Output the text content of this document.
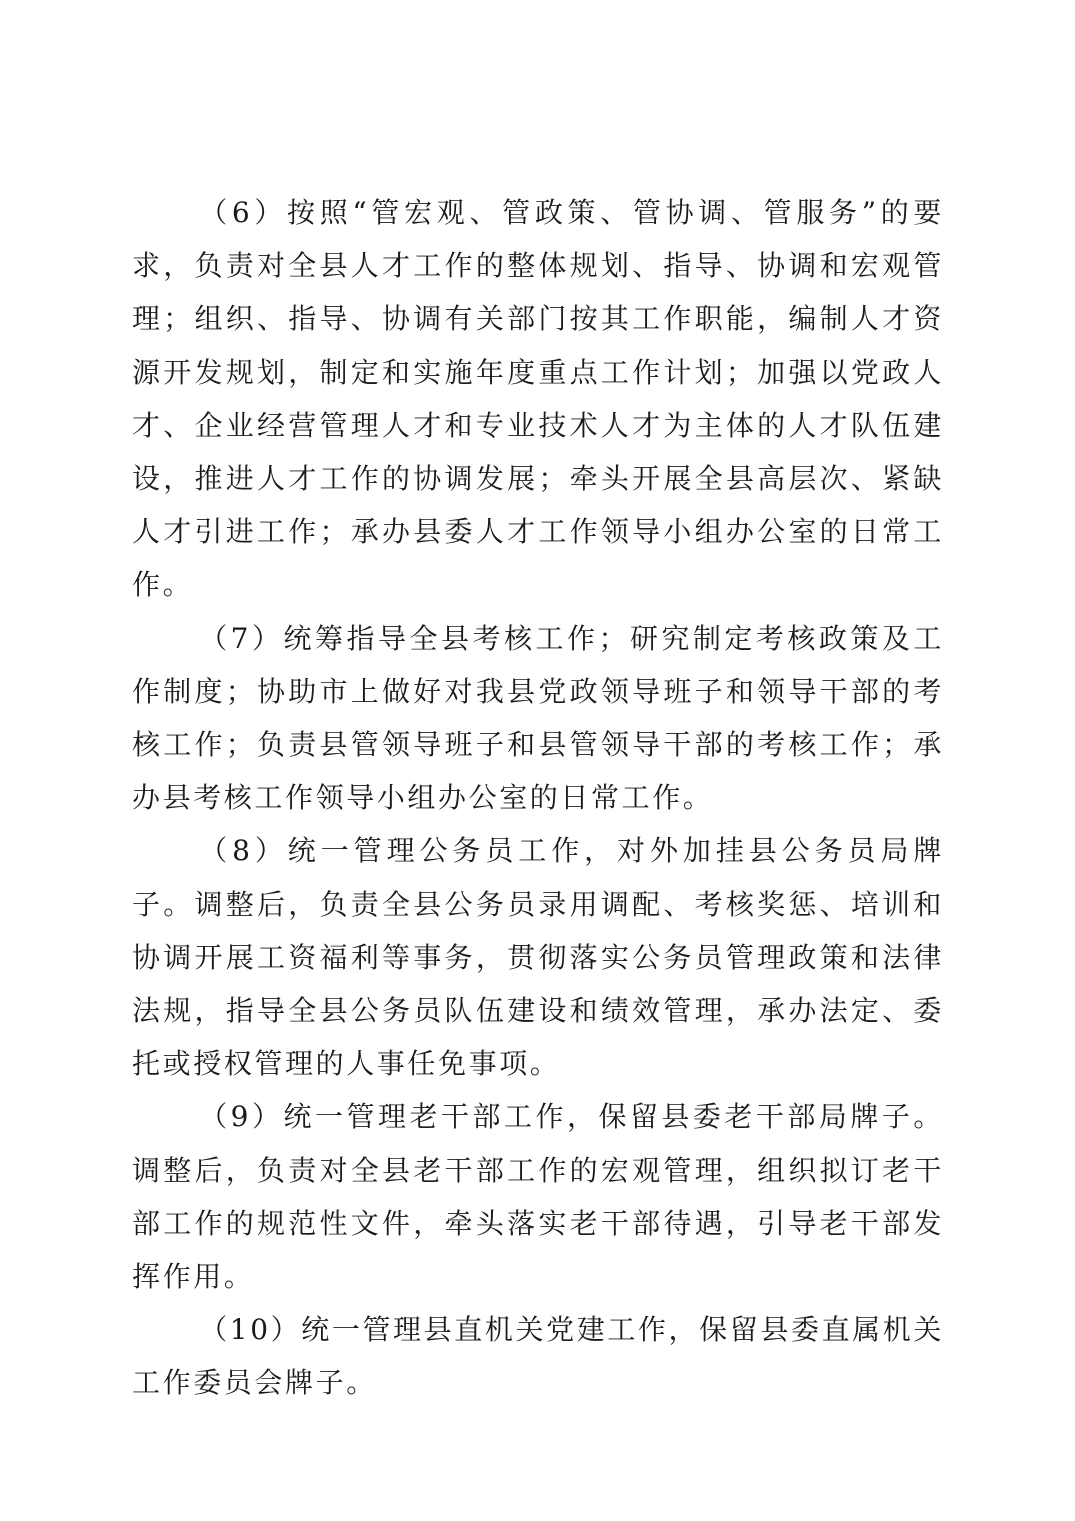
（6）按照“管宏观、管政策、管协调、管服务”的要求，负责对全县人才工作的整体规划、指导、协调和宏观管理；组织、指导、协调有关部门按其工作职能，编制人才资源开发规划，制定和实施年度重点工作计划；加强以党政人才、企业经营管理人才和专业技术人才为主体的人才队伍建设，推进人才工作的协调发展；牵头开展全县高层次、紧缺人才引进工作；承办县委人才工作领导小组办公室的日常工作。

（7）统筹指导全县考核工作；研究制定考核政策及工作制度；协助市上做好对我县党政领导班子和领导干部的考核工作；负责县管领导班子和县管领导干部的考核工作；承办县考核工作领导小组办公室的日常工作。

（8）统一管理公务员工作，对外加挂县公务员局牌子。调整后，负责全县公务员录用调配、考核奖惩、培训和协调开展工资福利等事务，贯彻落实公务员管理政策和法律法规，指导全县公务员队伍建设和绩效管理，承办法定、委托或授权管理的人事任免事项。

（9）统一管理老干部工作，保留县委老干部局牌子。调整后，负责对全县老干部工作的宏观管理，组织拟订老干部工作的规范性文件，牵头落实老干部待遇，引导老干部发挥作用。

（10）统一管理县直机关党建工作，保留县委直属机关工作委员会牌子。
